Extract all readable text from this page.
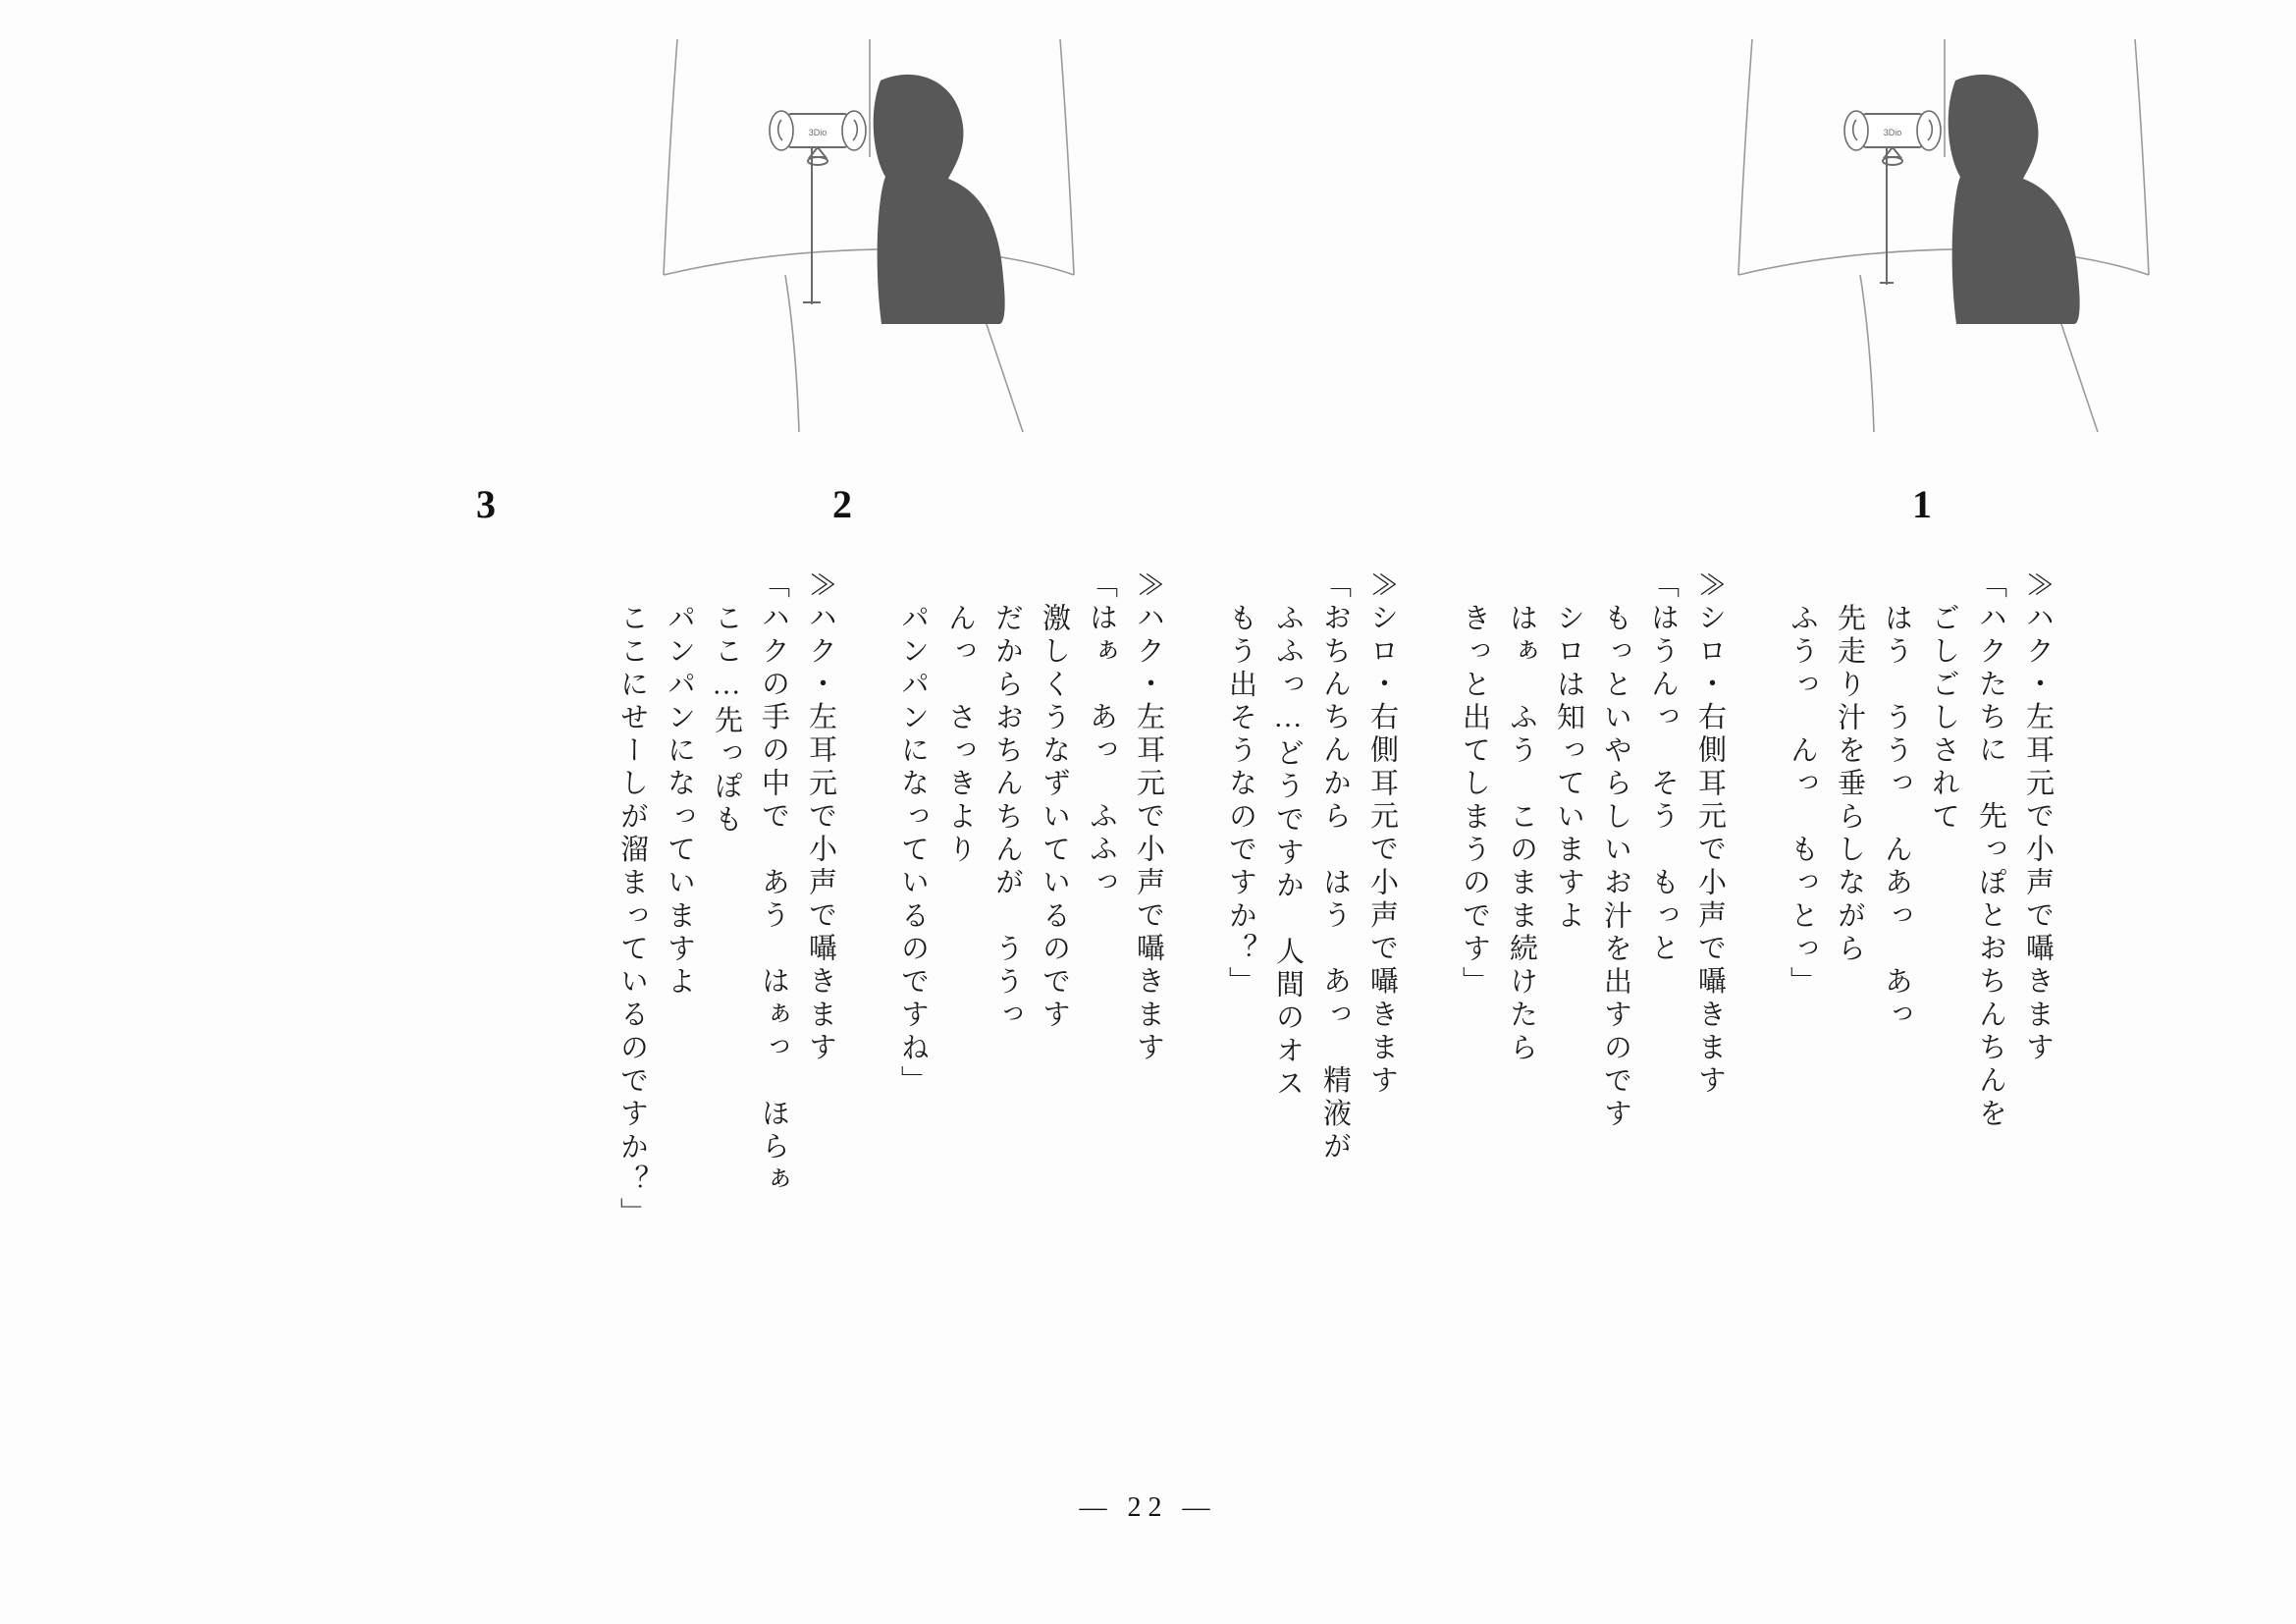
3Dio
3Dio
1
2
3
≫ハク・左耳元で小声で囁きます
「ハクたちに　先っぽとおちんちんを
ごしごしされて
はう　ううっ　んあっ　あっ
先走り汁を垂らしながら
ふうっ　んっ　もっとっ」
≫シロ・右側耳元で小声で囁きます
「はうんっ　そう　もっと
もっといやらしいお汁を出すのです
シロは知っていますよ
はぁ　ふう　このまま続けたら
きっと出てしまうのです」
≫シロ・右側耳元で小声で囁きます
「おちんちんから　はう　あっ　精液が
ふふっ…どうですか　人間のオス
もう出そうなのですか？」
≫ハク・左耳元で小声で囁きます
「はぁ　あっ　ふふっ
激しくうなずいているのです
だからおちんちんが　ううっ
んっ　さっきより
パンパンになっているのですね」
≫ハク・左耳元で小声で囁きます
「ハクの手の中で　あう　はぁっ　ほらぁ
ここ…先っぽも
パンパンになっていますよ
ここにせーしが溜まっているのですか？」
— 22 —
